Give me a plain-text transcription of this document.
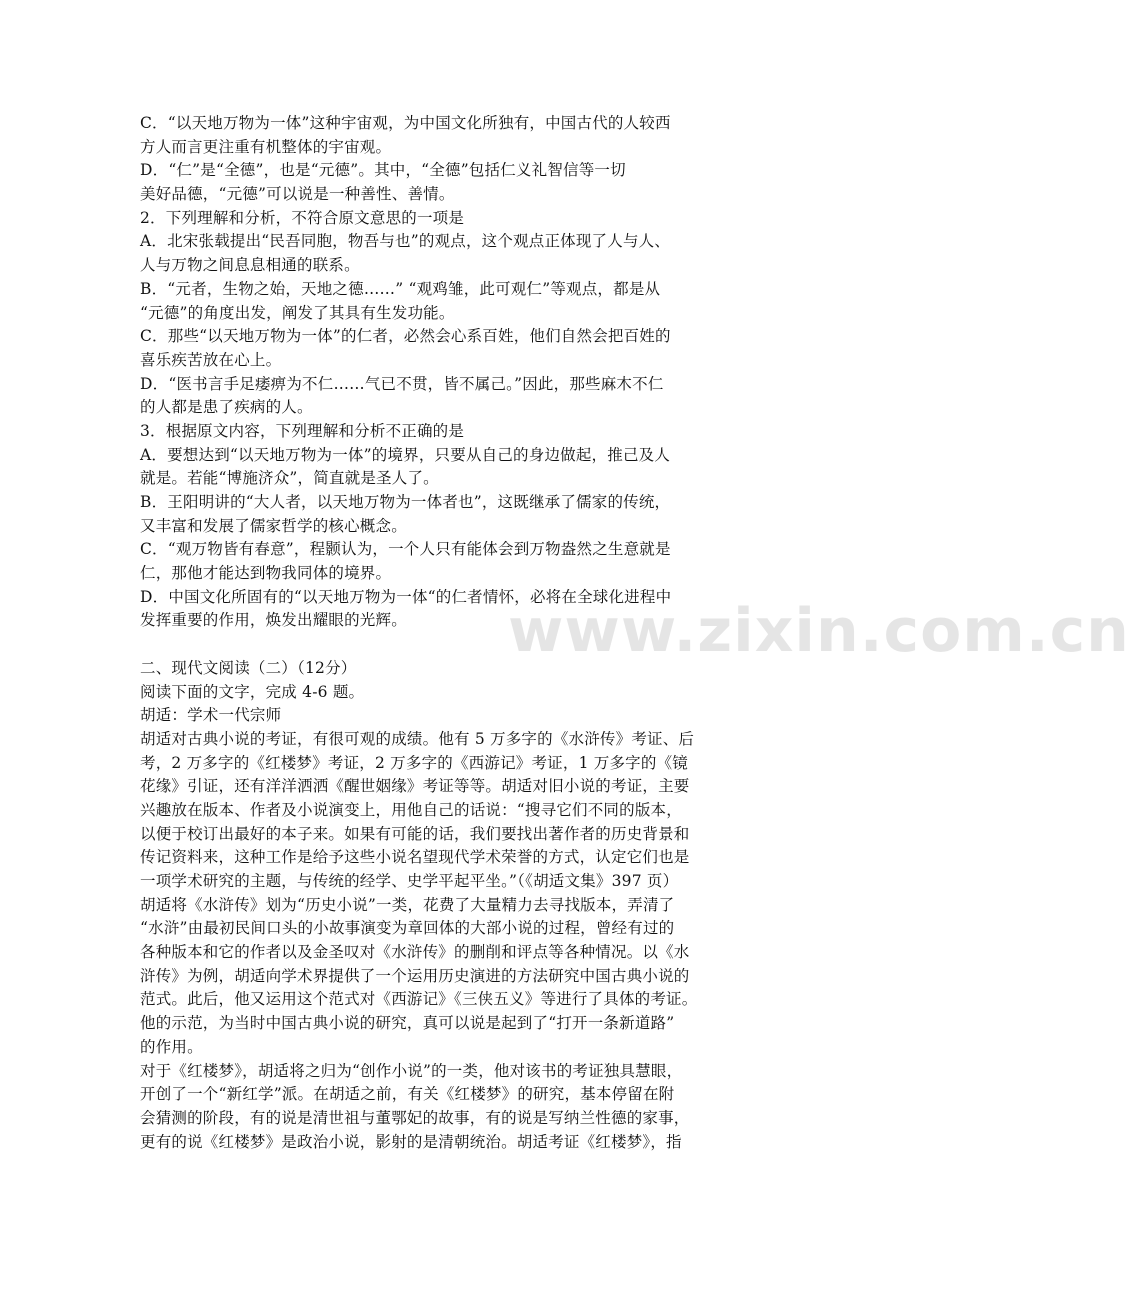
C．“以天地万物为一体”这种宇宙观，为中国文化所独有，中国古代的人较西
方人而言更注重有机整体的宇宙观。
D．“仁”是“全德”，也是“元德”。其中，“全德”包括仁义礼智信等一切
美好品德，“元德”可以说是一种善性、善情。
2．下列理解和分析，不符合原文意思的一项是
A．北宋张载提出“民吾同胞，物吾与也”的观点，这个观点正体现了人与人、
人与万物之间息息相通的联系。
B．“元者，生物之始，天地之德……” “观鸡雏，此可观仁”等观点，都是从
“元德”的角度出发，阐发了其具有生发功能。
C．那些“以天地万物为一体”的仁者，必然会心系百姓，他们自然会把百姓的
喜乐疾苦放在心上。
D．“医书言手足痿痹为不仁……气已不贯，皆不属己。”因此，那些麻木不仁
的人都是患了疾病的人。
3．根据原文内容，下列理解和分析不正确的是
A．要想达到“以天地万物为一体”的境界，只要从自己的身边做起，推己及人
就是。若能“博施济众”，简直就是圣人了。
B．王阳明讲的“大人者，以天地万物为一体者也”，这既继承了儒家的传统，
又丰富和发展了儒家哲学的核心概念。
C．“观万物皆有春意”，程颢认为，一个人只有能体会到万物盎然之生意就是
仁，那他才能达到物我同体的境界。
D．中国文化所固有的“以天地万物为一体“的仁者情怀，必将在全球化进程中
发挥重要的作用，焕发出耀眼的光辉。
二、现代文阅读（二）（12分）
阅读下面的文字，完成 4-6 题。
胡适：学术一代宗师
胡适对古典小说的考证，有很可观的成绩。他有 5 万多字的《水浒传》考证、后
考，2 万多字的《红楼梦》考证，2 万多字的《西游记》考证，1 万多字的《镜
花缘》引证，还有洋洋洒洒《醒世姻缘》考证等等。胡适对旧小说的考证，主要
兴趣放在版本、作者及小说演变上，用他自己的话说：“搜寻它们不同的版本，
以便于校订出最好的本子来。如果有可能的话，我们要找出著作者的历史背景和
传记资料来，这种工作是给予这些小说名望现代学术荣誉的方式，认定它们也是
一项学术研究的主题，与传统的经学、史学平起平坐。”（《胡适文集》397 页）
胡适将《水浒传》划为“历史小说”一类，花费了大量精力去寻找版本，弄清了
“水浒”由最初民间口头的小故事演变为章回体的大部小说的过程，曾经有过的
各种版本和它的作者以及金圣叹对《水浒传》的删削和评点等各种情况。以《水
浒传》为例，胡适向学术界提供了一个运用历史演进的方法研究中国古典小说的
范式。此后，他又运用这个范式对《西游记》《三侠五义》等进行了具体的考证。
他的示范，为当时中国古典小说的研究，真可以说是起到了“打开一条新道路”
的作用。
对于《红楼梦》，胡适将之归为“创作小说”的一类，他对该书的考证独具慧眼，
开创了一个“新红学”派。在胡适之前，有关《红楼梦》的研究，基本停留在附
会猜测的阶段，有的说是清世祖与董鄂妃的故事，有的说是写纳兰性德的家事，
更有的说《红楼梦》是政治小说，影射的是清朝统治。胡适考证《红楼梦》，指
www.zixin.com.cn
